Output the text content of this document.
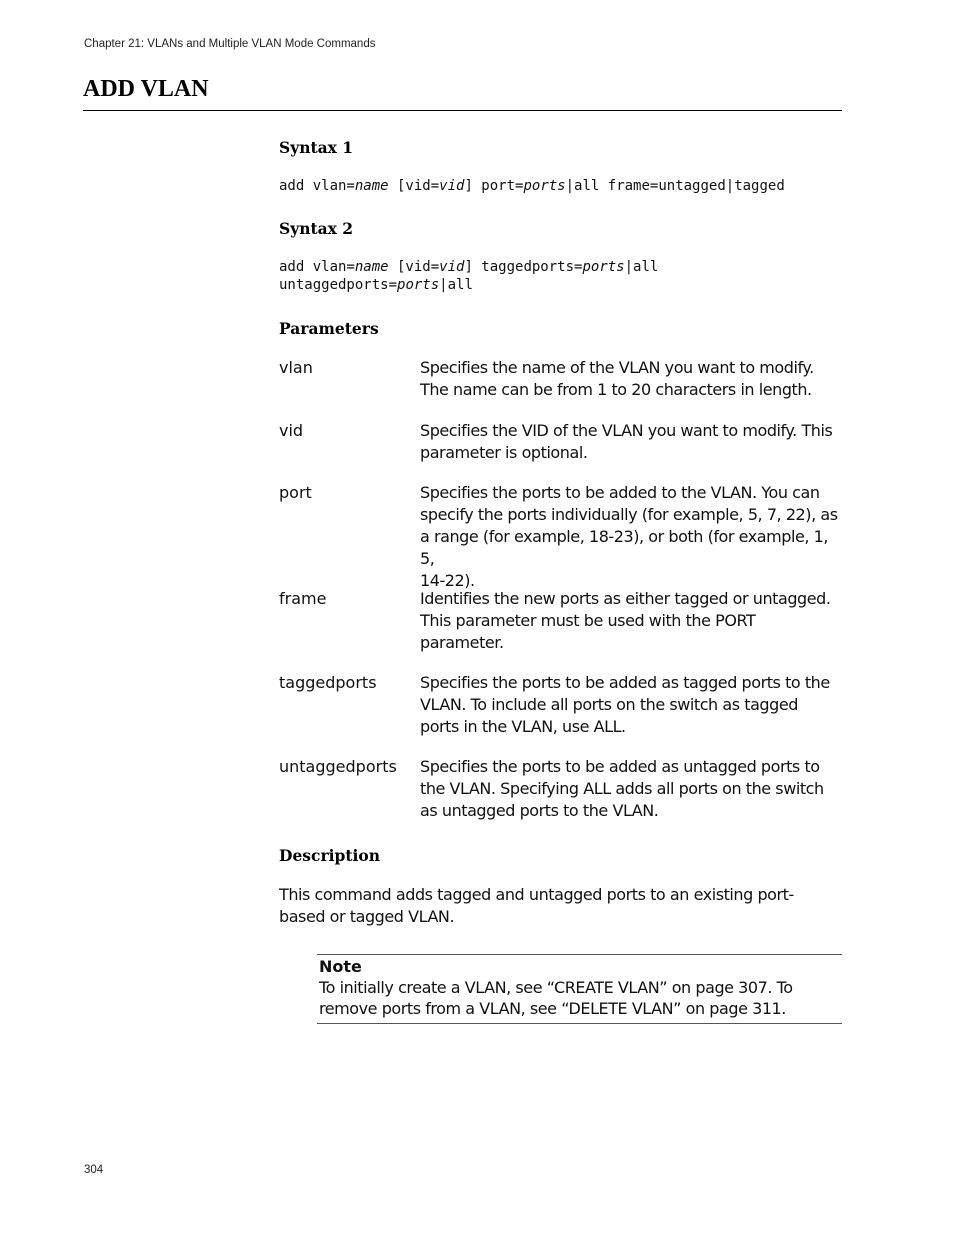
Chapter 21: VLANs and Multiple VLAN Mode Commands
ADD VLAN
Syntax 1
add vlan=name [vid=vid] port=ports|all frame=untagged|tagged
Syntax 2
add vlan=name [vid=vid] taggedports=ports|all
untaggedports=ports|all
Parameters
vlan	Specifies the name of the VLAN you want to modify.
The name can be from 1 to 20 characters in length.
vid	Specifies the VID of the VLAN you want to modify. This
parameter is optional.
port	Specifies the ports to be added to the VLAN. You can
specify the ports individually (for example, 5, 7, 22), as
a range (for example, 18-23), or both (for example, 1, 5,
14-22).
frame	Identifies the new ports as either tagged or untagged.
This parameter must be used with the PORT
parameter.
taggedports	Specifies the ports to be added as tagged ports to the
VLAN. To include all ports on the switch as tagged
ports in the VLAN, use ALL.
untaggedports Specifies the ports to be added as untagged ports to
the VLAN. Specifying ALL adds all ports on the switch
as untagged ports to the VLAN.
Description
This command adds tagged and untagged ports to an existing port-
based or tagged VLAN.
Note
To initially create a VLAN, see “CREATE VLAN” on page 307. To
remove ports from a VLAN, see “DELETE VLAN” on page 311.
304
